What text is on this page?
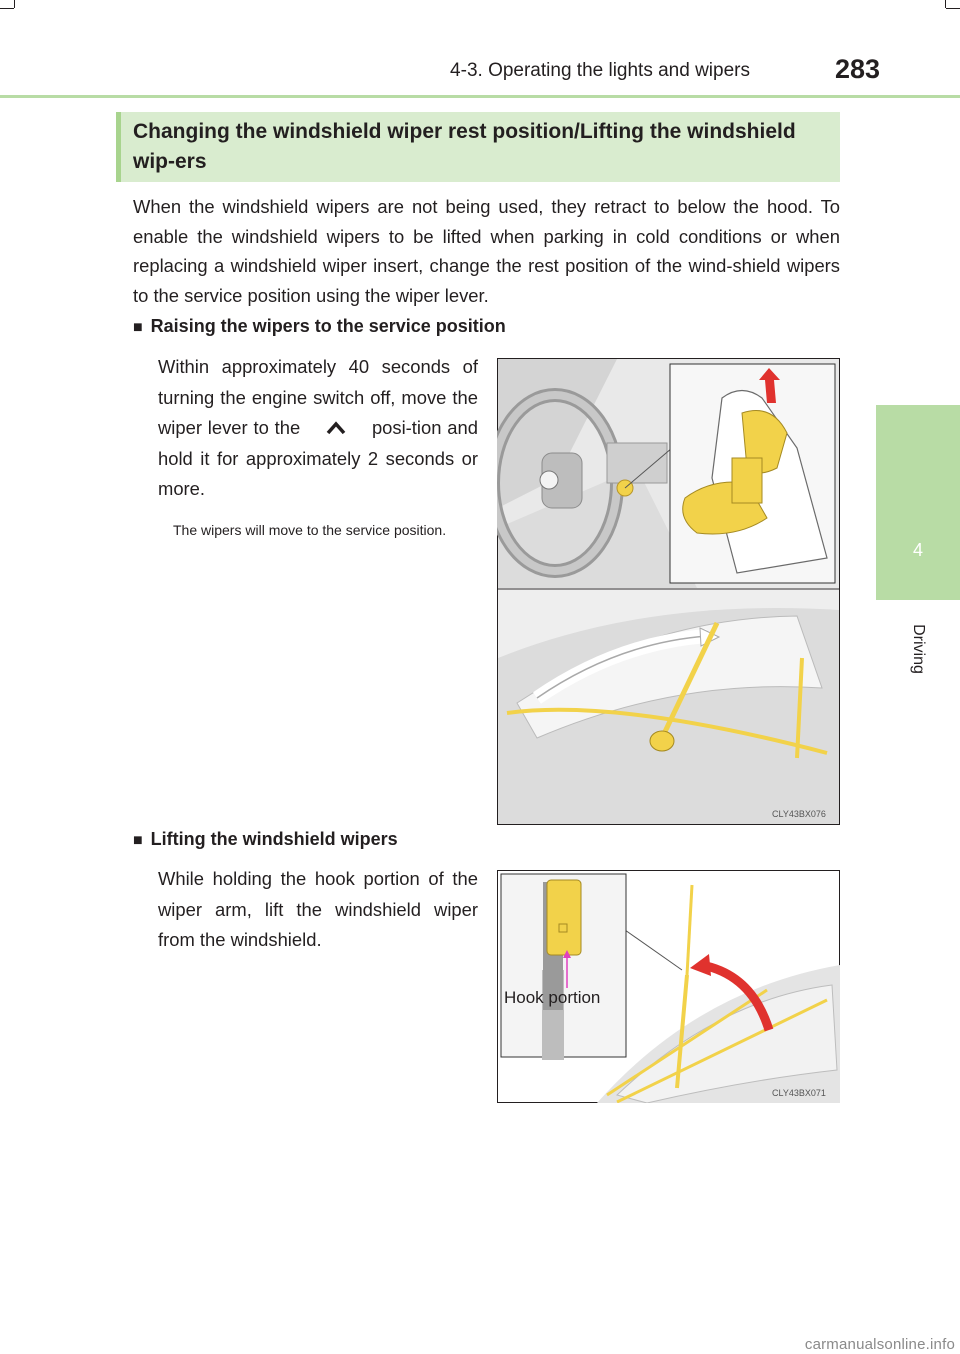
4-3. Operating the lights and wipers	283
4
Driving
Changing the windshield wiper rest position/Lifting the windshield wip-ers
When the windshield wipers are not being used, they retract to below the hood. To enable the windshield wipers to be lifted when parking in cold conditions or when replacing a windshield wiper insert, change the rest position of the wind-shield wipers to the service position using the wiper lever.
■ Raising the wipers to the service position
Within approximately 40 seconds of turning the engine switch off, move the wiper lever to the	posi-tion and hold it for approximately 2 seconds or more.
The wipers will move to the service position.
CLY43BX076
■ Lifting the windshield wipers
While holding the hook portion of the wiper arm, lift the windshield wiper from the windshield.
CLY43BX071
Hook portion
carmanualsonline.info
